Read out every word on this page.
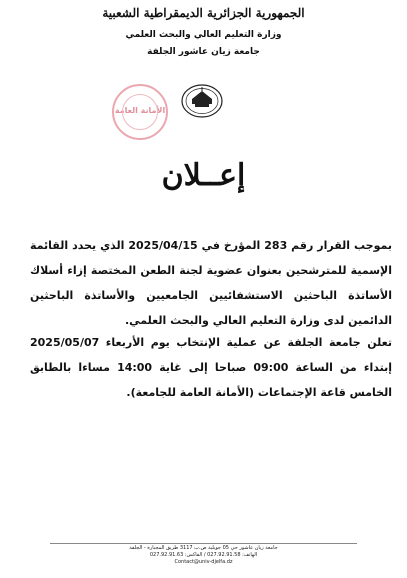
الجمهورية الجزائرية الديمقراطية الشعبية
وزارة التعليم العالي والبحث العلمي
جامعة زيان عاشور الجلفة
الأمانة العامة
إعــلان
بموجب القرار رقم 283 المؤرخ في 2025/04/15 الذي يحدد القائمة الإسمية للمترشحين بعنوان عضوية لجنة الطعن المختصة إزاء أسلاك الأساتذة الباحثين الاستشفائيين الجامعيين والأساتذة الباحثين الدائمين لدى وزارة التعليم العالي والبحث العلمي.
تعلن جامعة الجلفة عن عملية الإنتخاب يوم الأربعاء 2025/05/07 إبتداء من الساعة 09:00 صباحا إلى غاية 14:00 مساءا بالطابق الخامس قاعة الإجتماعات (الأمانة العامة للجامعة).
جامعة زيان عاشور حي 05 جويلية ص.ب 3117 طريق المجبارة - الجلفة
الهاتف: 027.92.91.58 / الفاكس: 027.92.91.63
Contact@univ-djelfa.dz
